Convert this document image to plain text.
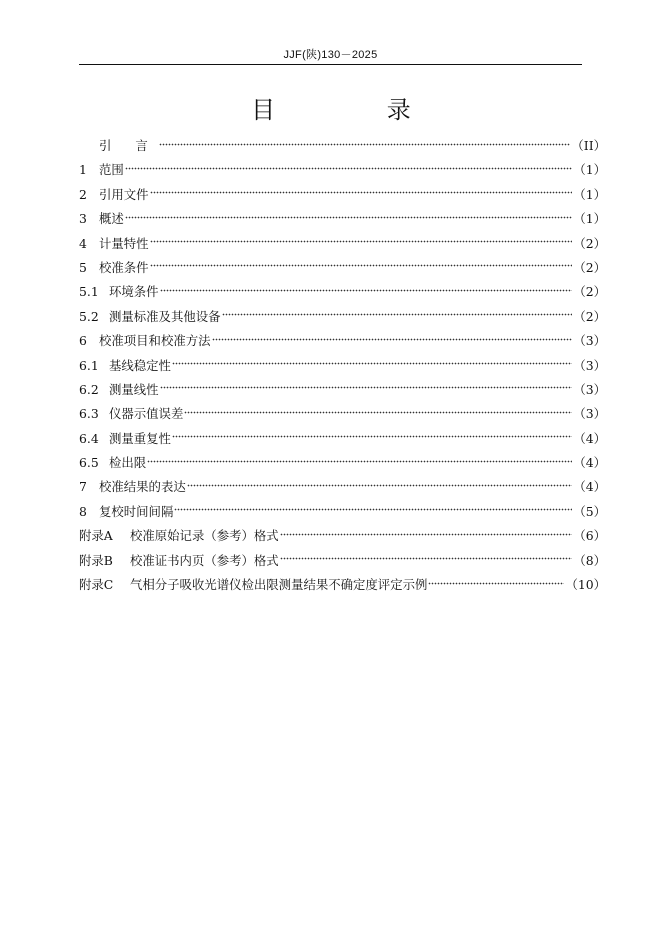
JJF(陕)130－2025
目 录
引 言	（II）
1 范围	（1）
2 引用文件	（1）
3 概述	（1）
4 计量特性	（2）
5 校准条件	（2）
5.1 环境条件	（2）
5.2 测量标准及其他设备	（2）
6 校准项目和校准方法	（3）
6.1 基线稳定性	（3）
6.2 测量线性	（3）
6.3 仪器示值误差	（3）
6.4 测量重复性	（4）
6.5 检出限	（4）
7 校准结果的表达	（4）
8 复校时间间隔	（5）
附录A	校准原始记录（参考）格式	（6）
附录B	校准证书内页（参考）格式	（8）
附录C	气相分子吸收光谱仪检出限测量结果不确定度评定示例	（10）
